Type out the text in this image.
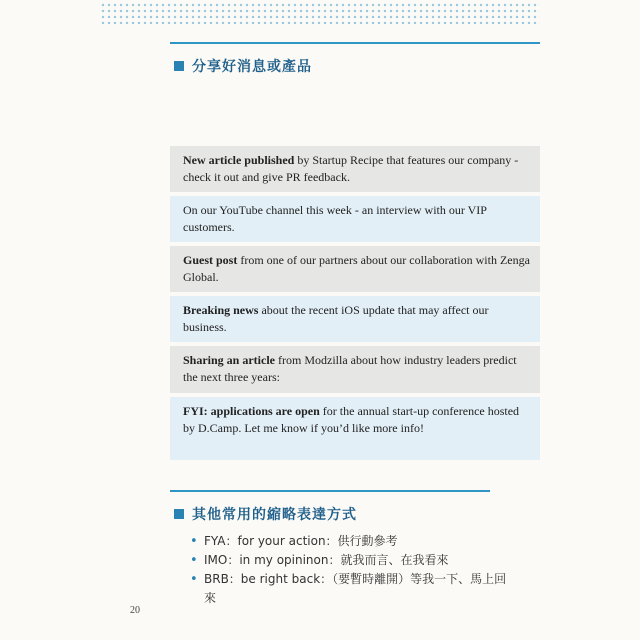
分享好消息或產品
New article published by Startup Recipe that features our company - check it out and give PR feedback.
On our YouTube channel this week - an interview with our VIP customers.
Guest post from one of our partners about our collaboration with Zenga Global.
Breaking news about the recent iOS update that may affect our business.
Sharing an article from Modzilla about how industry leaders predict the next three years:
FYI: applications are open for the annual start-up conference hosted by D.Camp. Let me know if you’d like more info!
其他常用的縮略表達方式
• FYA：for your action：供行動參考
• IMO：in my opininon：就我而言、在我看來
• BRB：be right back：（要暫時離開）等我一下、馬上回來
20
